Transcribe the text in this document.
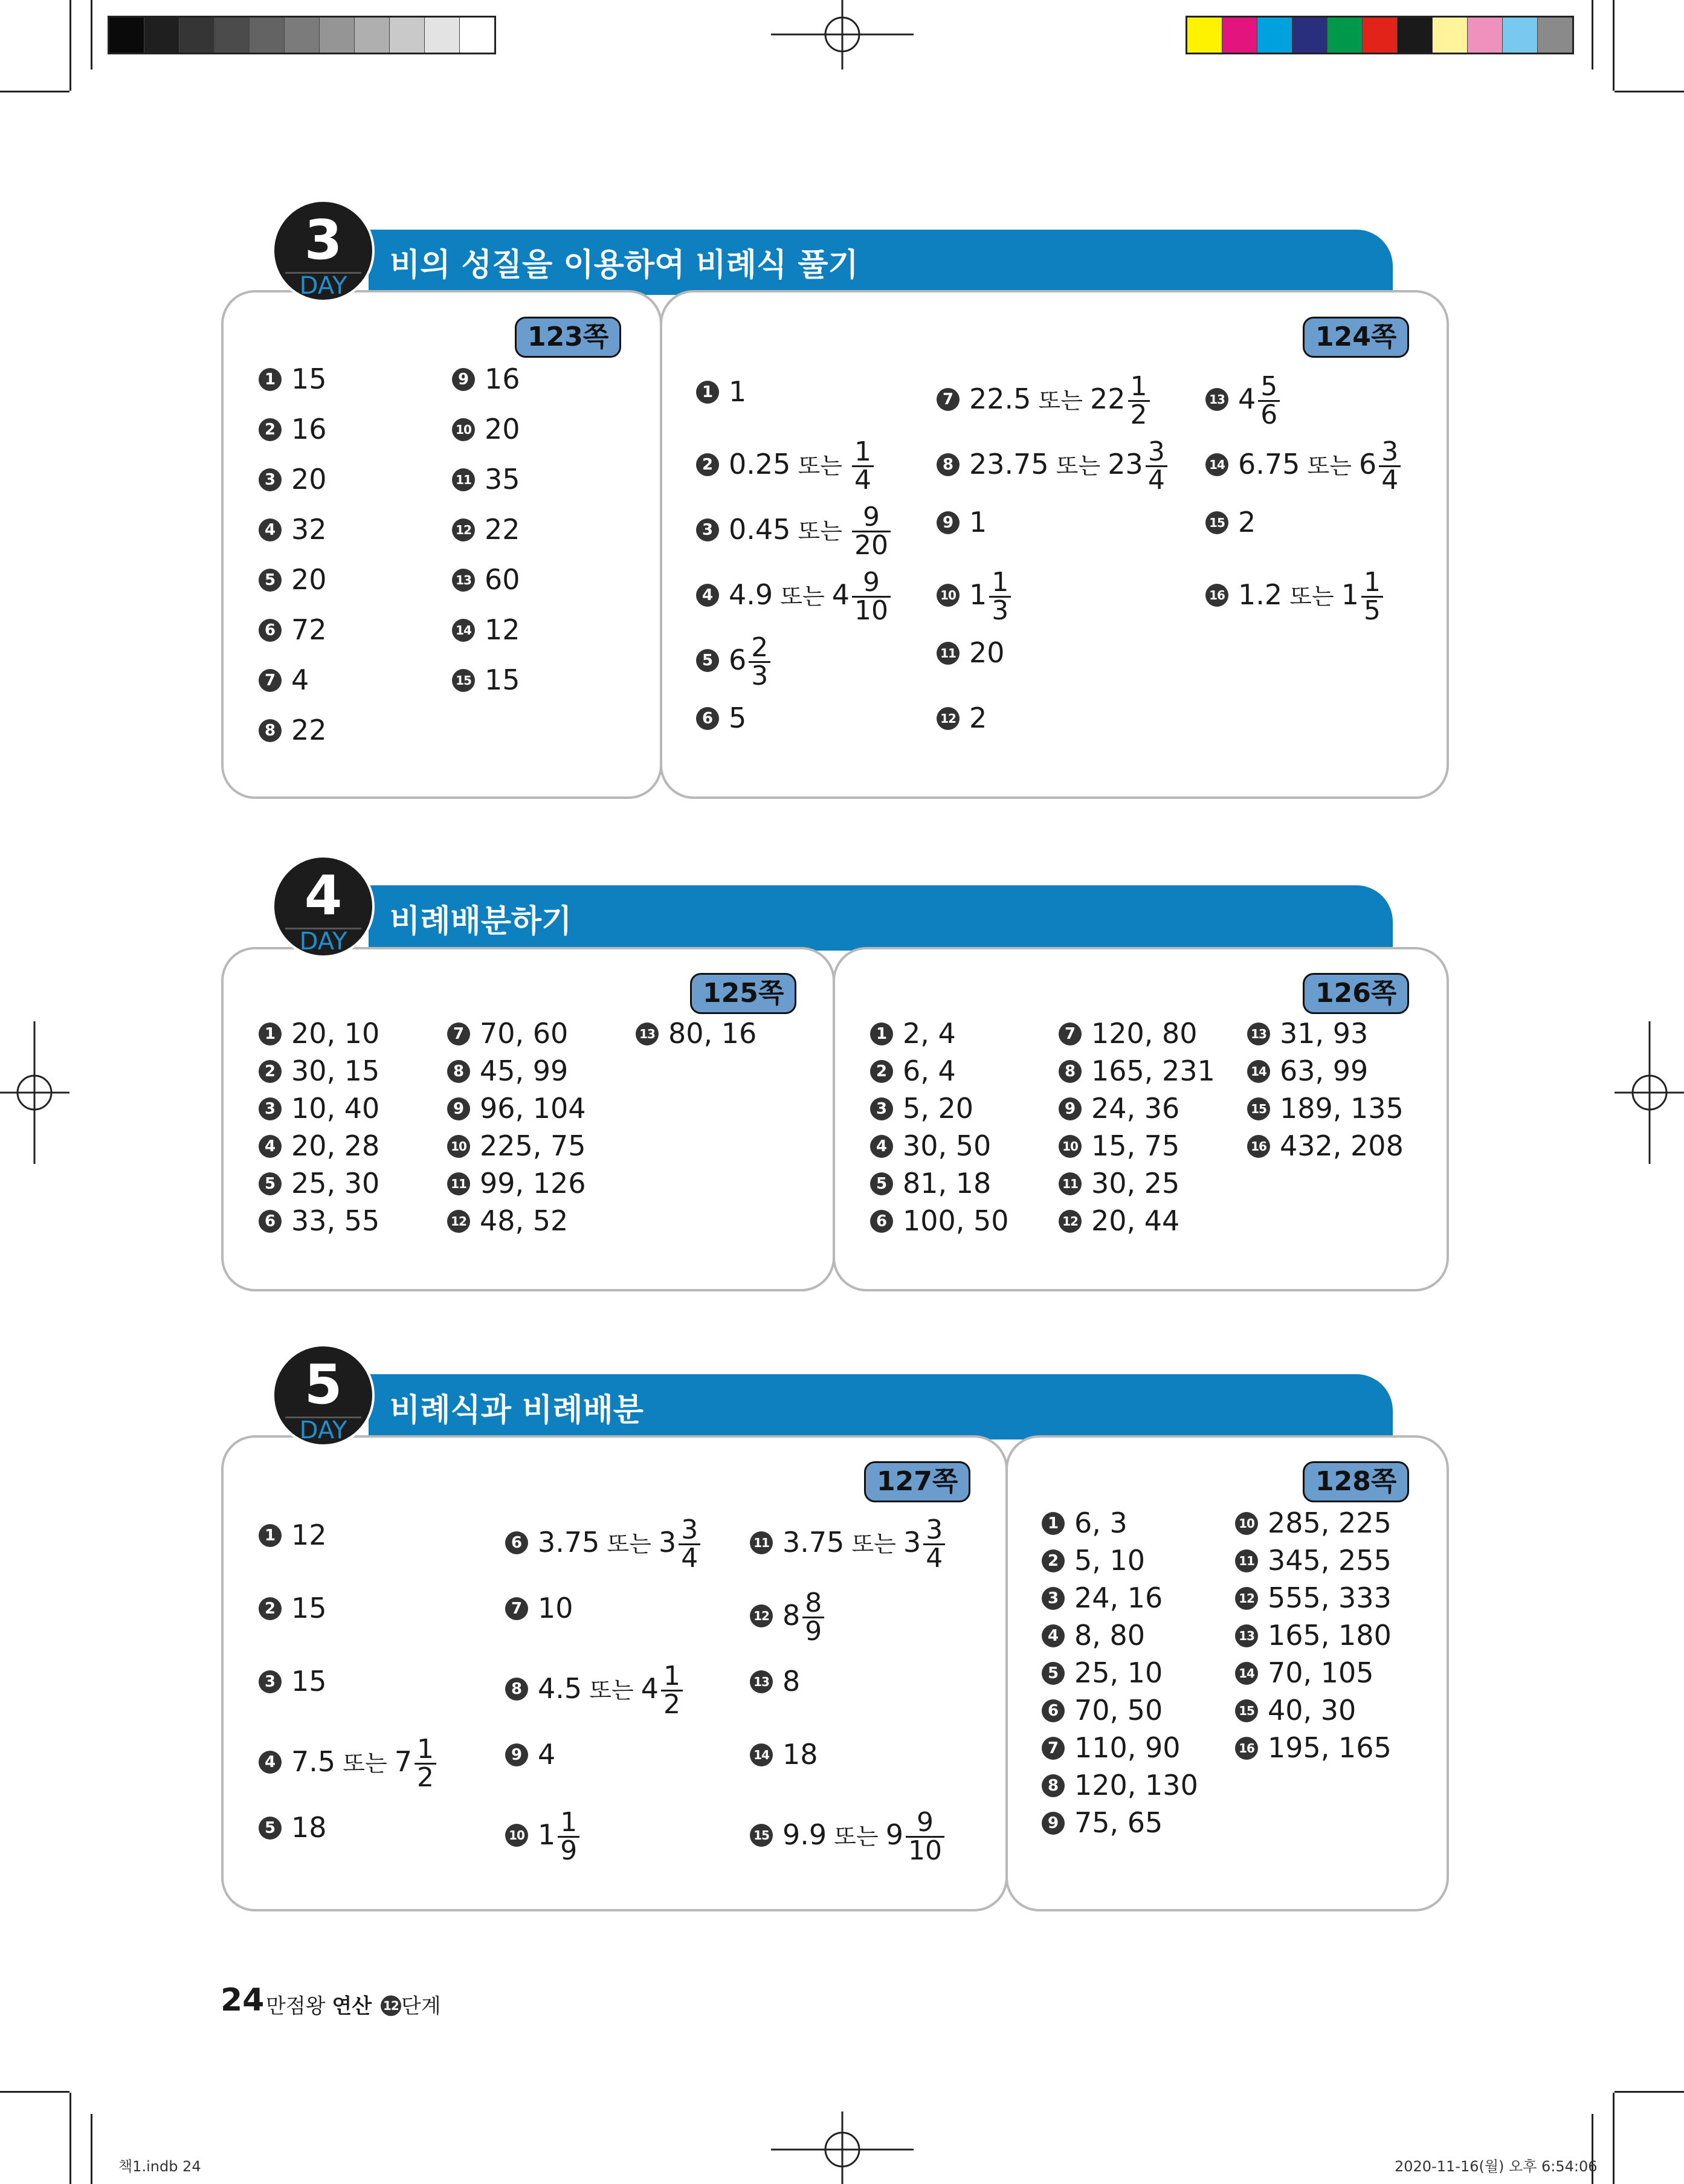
비의 성질을 이용하여 비례식 풀기
3
DAY
123쪽	124쪽
비례배분하기
4
DAY
125쪽	126쪽
비례식과 비례배분
5
DAY
127쪽	128쪽
24 만점왕 연산 12 단계
책1.indb 24	2020-11-16(월) 오후 6:54:06
1 15
2 16
3 20
4 32
5 20
6 72
7 4
8 22
9 16
10 20
11 35
12 22
13 60
14 12
15 15
1 1
2 0.25 또는 $\frac{1}{4}$
3 0.45 또는 $\frac{9}{20}$
4 4.9 또는 $4 \frac{9}{10}$
5 $6 \frac{2}{3}$
6 5
7 22.5 또는 $22 \frac{1}{2}$
8 23.75 또는 $23 \frac{3}{4}$
9 1
10 $1 \frac{1}{3}$
11 20
12 2
13 $4 \frac{5}{6}$
14 6.75 또는 $6 \frac{3}{4}$
15 2
16 1.2 또는 $1 \frac{1}{5}$
1 20, 10
2 30, 15
3 10, 40
4 20, 28
5 25, 30
6 33, 55
7 70, 60
8 45, 99
9 96, 104
10 225, 75
11 99, 126
12 48, 52
13 80, 16	1 2, 4
2 6, 4
3 5, 20
4 30, 50
5 81, 18
6 100, 50
7 120, 80
8 165, 231
9 24, 36
10 15, 75
11 30, 25
12 20, 44
13 31, 93
14 63, 99
15 189, 135
16 432, 208
1 12
2 15
3 15
4 7.5 또는 $7 \frac{1}{2}$
5 18
6 3.75 또는 $3 \frac{3}{4}$
7 10
8 4.5 또는 $4 \frac{1}{2}$
9 4
10 $1 \frac{1}{9}$
11 3.75 또는 $3 \frac{3}{4}$
12 $8 \frac{8}{9}$
13 8
14 18
15 9.9 또는 $9 \frac{9}{10}$
1 6, 3
2 5, 10
3 24, 16
4 8, 80
5 25, 10
6 70, 50
7 110, 90
8 120, 130
9 75, 65
10 285, 225
11 345, 255
12 555, 333
13 165, 180
14 70, 105
15 40, 30
16 195, 165
